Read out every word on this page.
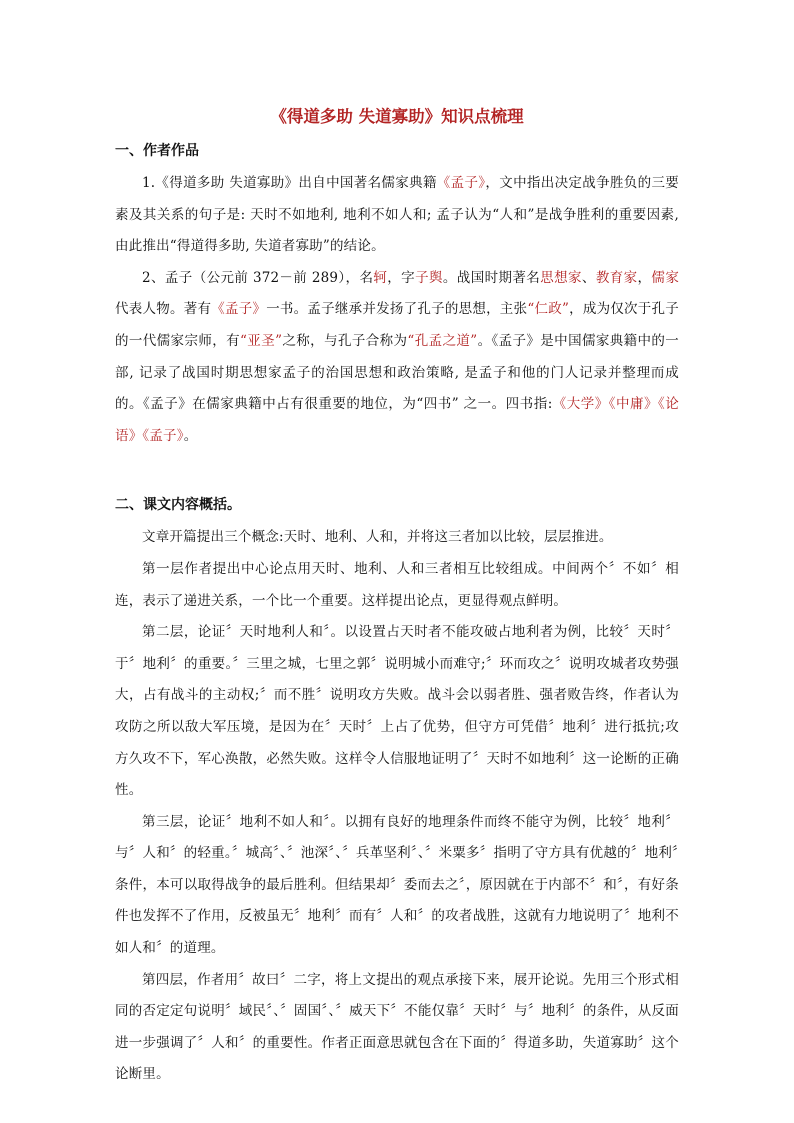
《得道多助 失道寡助》知识点梳理
一、作者作品

1.《得道多助 失道寡助》出自中国著名儒家典籍《孟子》，文中指出决定战争胜负的三要素及其关系的句子是: 天时不如地利, 地利不如人和; 孟子认为“人和”是战争胜利的重要因素, 由此推出“得道得多助, 失道者寡助”的结论。

2、孟子（公元前 372－前 289），名轲，字子舆。战国时期著名思想家、教育家，儒家代表人物。著有《孟子》一书。孟子继承并发扬了孔子的思想，主张“仁政”，成为仅次于孔子的一代儒家宗师，有“亚圣”之称，与孔子合称为“孔孟之道”。《孟子》是中国儒家典籍中的一部, 记录了战国时期思想家孟子的治国思想和政治策略, 是孟子和他的门人记录并整理而成的。《孟子》在儒家典籍中占有很重要的地位，为“四书” 之一。四书指:《大学》《中庸》《论语》《孟子》。

二、课文内容概括。

文章开篇提出三个概念:天时、地利、人和，并将这三者加以比较，层层推进。

第一层作者提出中心论点用天时、地利、人和三者相互比较组成。中间两个〞不如〞相连，表示了递进关系，一个比一个重要。这样提出论点，更显得观点鲜明。

第二层，论证〞天时地利人和〞。以设置占天时者不能攻破占地利者为例，比较〞天时〞于〞地利〞的重要。〞三里之城，七里之郭〞说明城小而难守;〞环而攻之〞说明攻城者攻势强大，占有战斗的主动权;〞而不胜〞说明攻方失败。战斗会以弱者胜、强者败告终，作者认为攻防之所以敌大军压境，是因为在〞天时〞上占了优势，但守方可凭借〞地利〞进行抵抗;攻方久攻不下，军心涣散，必然失败。这样令人信服地证明了〞天时不如地利〞这一论断的正确性。

第三层，论证〞地利不如人和〞。以拥有良好的地理条件而终不能守为例，比较〞地利〞与〞人和〞的轻重。〞城高〞、〞池深〞、〞兵革坚利〞、〞米粟多〞指明了守方具有优越的〞地利〞条件，本可以取得战争的最后胜利。但结果却〞委而去之〞，原因就在于内部不〞和〞，有好条件也发挥不了作用，反被虽无〞地利〞而有〞人和〞的攻者战胜，这就有力地说明了〞地利不如人和〞的道理。

第四层，作者用〞故曰〞二字，将上文提出的观点承接下来，展开论说。先用三个形式相同的否定定句说明〞域民〞、〞固国〞、〞威天下〞不能仅靠〞天时〞与〞地利〞的条件，从反面进一步强调了〞人和〞的重要性。作者正面意思就包含在下面的〞得道多助，失道寡助〞这个论断里。
